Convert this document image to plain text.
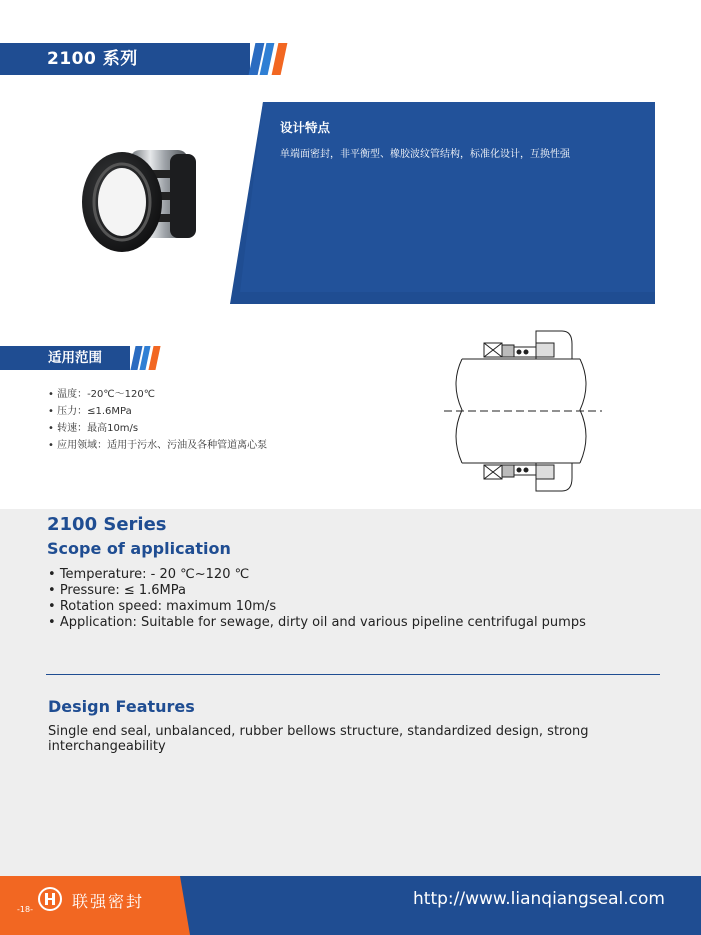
2100 系列
设计特点
单端面密封，非平衡型、橡胶波纹管结构，标准化设计，互换性强
适用范围
• 温度：-20℃～120℃
• 压力：≤1.6MPa
• 转速：最高10m/s
• 应用领域：适用于污水、污油及各种管道离心泵
2100 Series
Scope of application
• Temperature: - 20 ℃~120 ℃
• Pressure: ≤ 1.6MPa
• Rotation speed: maximum 10m/s
• Application: Suitable for sewage, dirty oil and various pipeline centrifugal pumps
Design Features
Single end seal, unbalanced, rubber bellows structure, standardized design, strong interchangeability
-18- 联强密封	http://www.lianqiangseal.com
